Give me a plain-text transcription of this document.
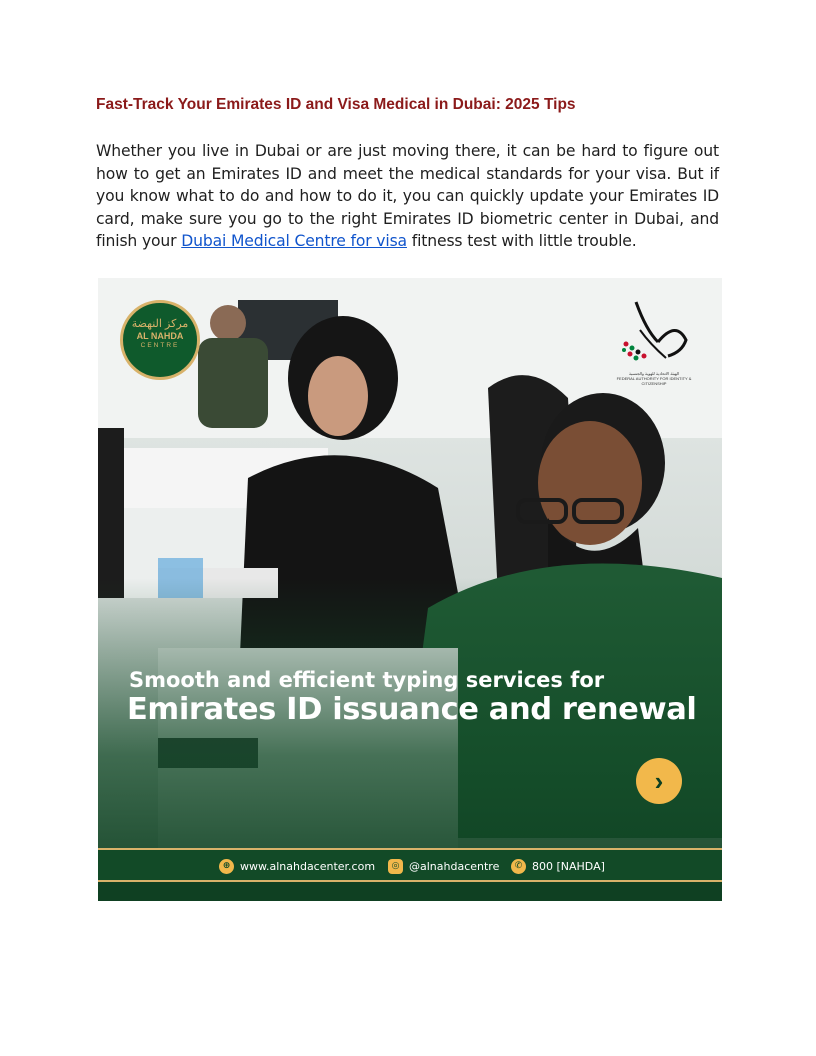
Fast-Track Your Emirates ID and Visa Medical in Dubai: 2025 Tips

Whether you live in Dubai or are just moving there, it can be hard to figure out how to get an Emirates ID and meet the medical standards for your visa. But if you know what to do and how to do it, you can quickly update your Emirates ID card, make sure you go to the right Emirates ID biometric center in Dubai, and finish your Dubai Medical Centre for visa fitness test with little trouble.

مركز النهضة
AL NAHDA
CENTRE
الهيئة الاتحادية للهوية والجنسية
FEDERAL AUTHORITY FOR IDENTITY & CITIZENSHIP
Smooth and efficient typing services for
Emirates ID issuance and renewal
›
⊕ www.alnahdacenter.com	◎ @alnahdacentre	✆ 800 [NAHDA]
